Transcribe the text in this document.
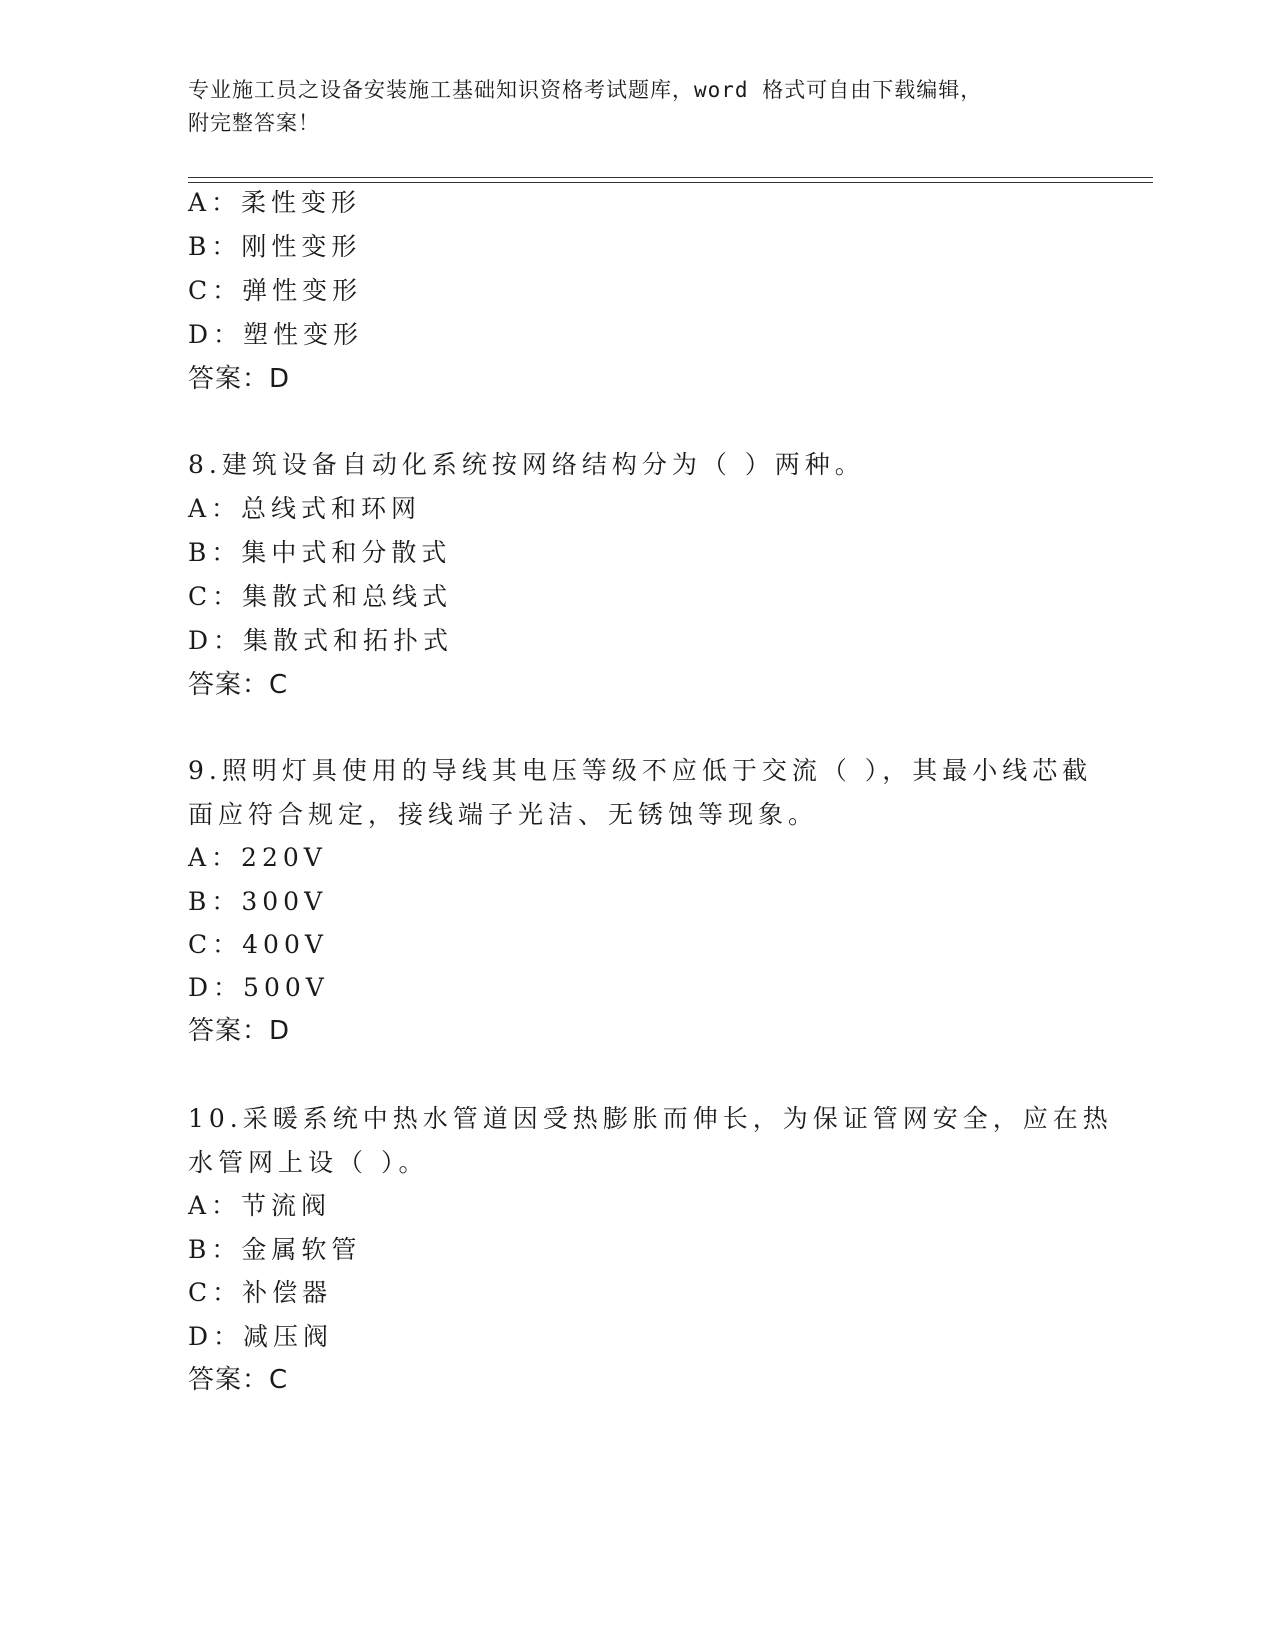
专业施工员之设备安装施工基础知识资格考试题库，word 格式可自由下载编辑，
附完整答案！
A：柔性变形
B：刚性变形
C：弹性变形
D：塑性变形
答案：D
8.建筑设备自动化系统按网络结构分为（ ）两种。
A：总线式和环网
B：集中式和分散式
C：集散式和总线式
D：集散式和拓扑式
答案：C
9.照明灯具使用的导线其电压等级不应低于交流（ ），其最小线芯截
面应符合规定，接线端子光洁、无锈蚀等现象。
A：220V
B：300V
C：400V
D：500V
答案：D
10.采暖系统中热水管道因受热膨胀而伸长，为保证管网安全，应在热
水管网上设（ ）。
A：节流阀
B：金属软管
C：补偿器
D：减压阀
答案：C
